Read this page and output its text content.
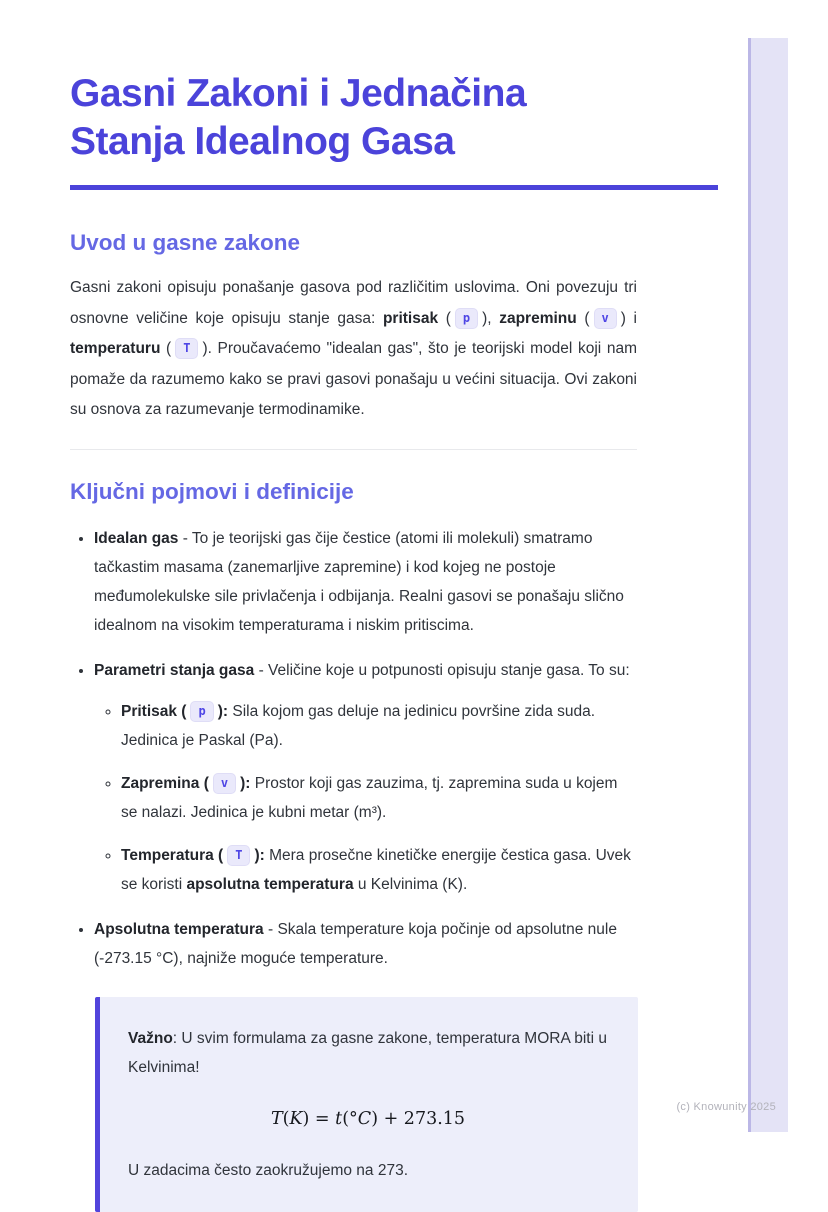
Gasni Zakoni i Jednačina Stanja Idealnog Gasa
Uvod u gasne zakone

Gasni zakoni opisuju ponašanje gasova pod različitim uslovima. Oni povezuju tri osnovne veličine koje opisuju stanje gasa: pritisak ( p ), zapreminu ( v ) i temperaturu ( T ). Proučavaćemo "idealan gas", što je teorijski model koji nam pomaže da razumemo kako se pravi gasovi ponašaju u većini situacija. Ovi zakoni su osnova za razumevanje termodinamike.

Ključni pojmovi i definicije
• Idealan gas - To je teorijski gas čije čestice (atomi ili molekuli) smatramo tačkastim masama (zanemarljive zapremine) i kod kojeg ne postoje međumolekulske sile privlačenja i odbijanja. Realni gasovi se ponašaju slično idealnom na visokim temperaturama i niskim pritiscima.
• Parametri stanja gasa - Veličine koje u potpunosti opisuju stanje gasa. To su:
◦ Pritisak ( p ): Sila kojom gas deluje na jedinicu površine zida suda. Jedinica je Paskal (Pa).
◦ Zapremina ( v ): Prostor koji gas zauzima, tj. zapremina suda u kojem se nalazi. Jedinica je kubni metar (m³).
◦ Temperatura ( T ): Mera prosečne kinetičke energije čestica gasa. Uvek se koristi apsolutna temperatura u Kelvinima (K).
• Apsolutna temperatura - Skala temperature koja počinje od apsolutne nule (-273.15 °C), najniže moguće temperature.

Važno: U svim formulama za gasne zakone, temperatura MORA biti u Kelvinima!

T(K) = t(°C) + 273.15

U zadacima često zaokružujemo na 273.

(c) Knowunity 2025
